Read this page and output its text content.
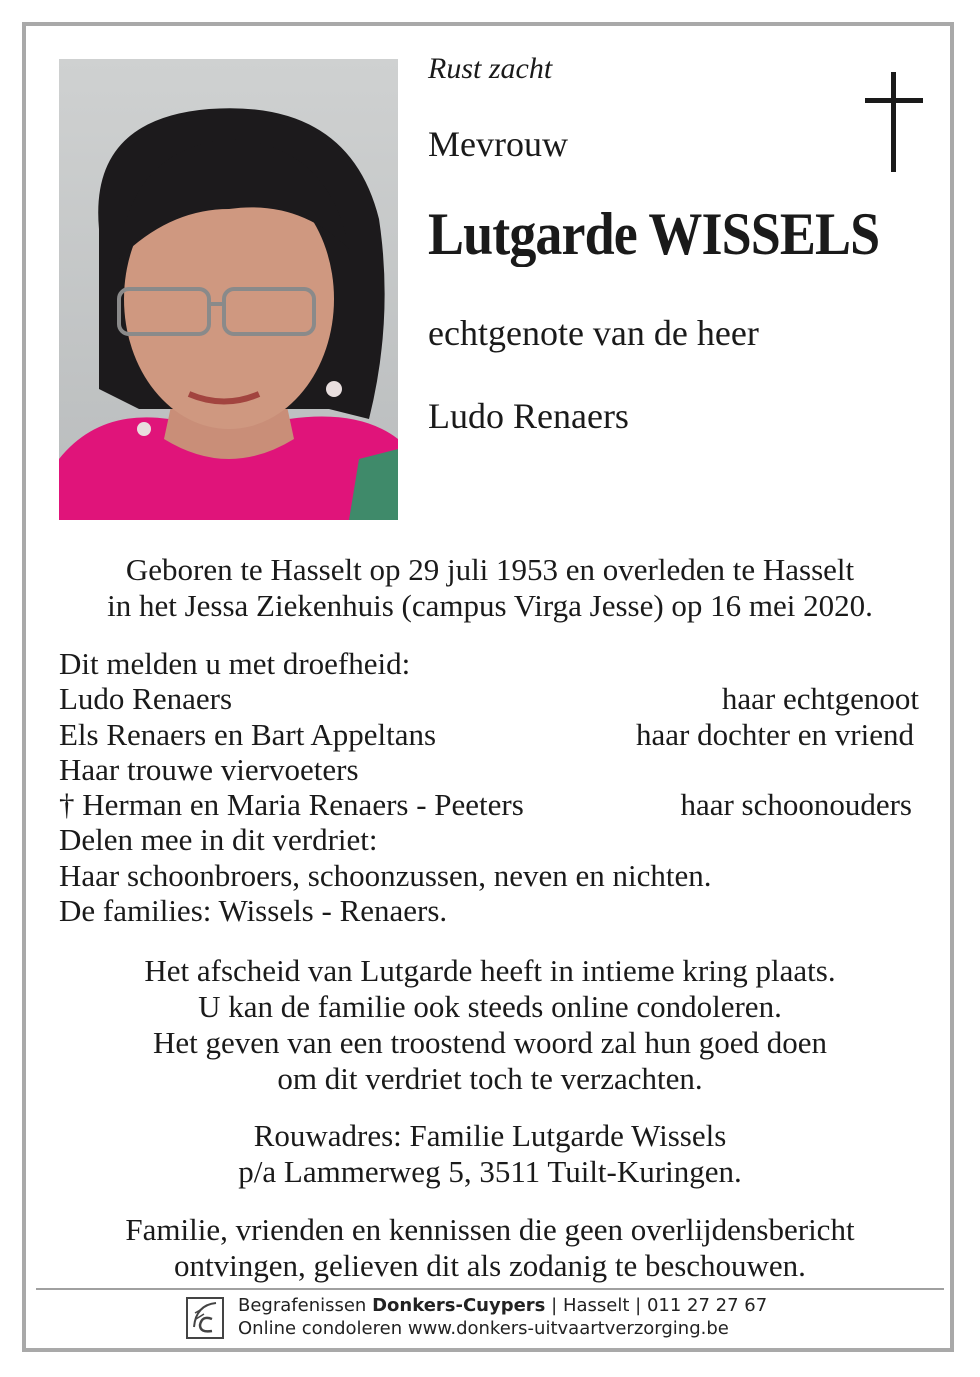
Rust zacht
Mevrouw
Lutgarde WISSELS
echtgenote van de heer
Ludo Renaers
Geboren te Hasselt op 29 juli 1953 en overleden te Hasselt
in het Jessa Ziekenhuis (campus Virga Jesse) op 16 mei 2020.
Dit melden u met droefheid:
Ludo Renaers	haar echtgenoot
Els Renaers en Bart Appeltans	haar dochter en vriend
Haar trouwe viervoeters
† Herman en Maria Renaers - Peeters	haar schoonouders
Delen mee in dit verdriet:
Haar schoonbroers, schoonzussen, neven en nichten.
De families: Wissels - Renaers.
Het afscheid van Lutgarde heeft in intieme kring plaats.
U kan de familie ook steeds online condoleren.
Het geven van een troostend woord zal hun goed doen
om dit verdriet toch te verzachten.
Rouwadres: Familie Lutgarde Wissels
p/a Lammerweg 5, 3511 Tuilt-Kuringen.
Familie, vrienden en kennissen die geen overlijdensbericht
ontvingen, gelieven dit als zodanig te beschouwen.
Begrafenissen Donkers-Cuypers | Hasselt | 011 27 27 67
Online condoleren www.donkers-uitvaartverzorging.be
